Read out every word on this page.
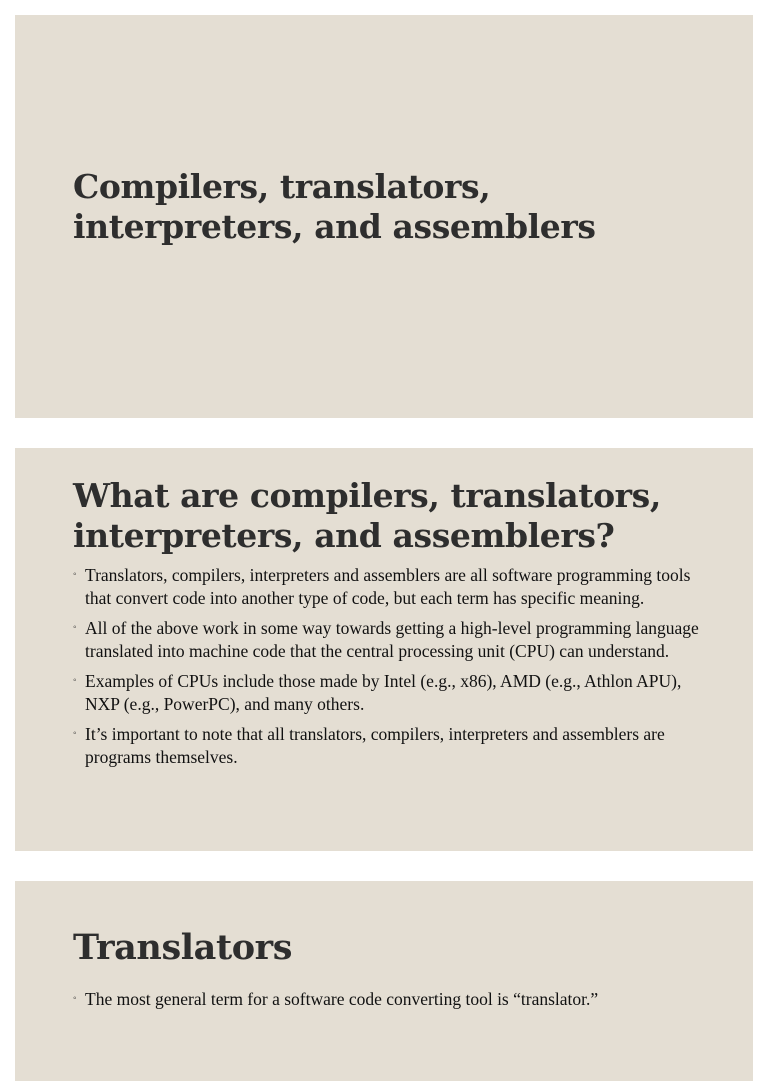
Compilers, translators, interpreters, and assemblers
What are compilers, translators, interpreters, and assemblers?
◦ Translators, compilers, interpreters and assemblers are all software programming tools that convert code into another type of code, but each term has specific meaning.
◦ All of the above work in some way towards getting a high-level programming language translated into machine code that the central processing unit (CPU) can understand.
◦ Examples of CPUs include those made by Intel (e.g., x86), AMD (e.g., Athlon APU), NXP (e.g., PowerPC), and many others.
◦ It’s important to note that all translators, compilers, interpreters and assemblers are programs themselves.
Translators
◦ The most general term for a software code converting tool is “translator.”
